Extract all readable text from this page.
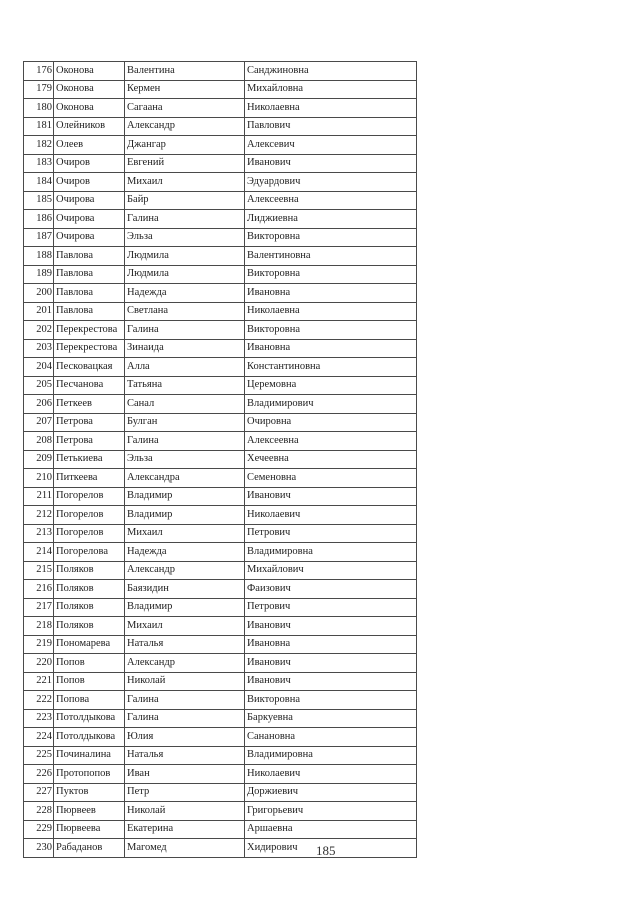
176	Оконова	Валентина	Санджиновна
179	Оконова	Кермен	Михайловна
180	Оконова	Сагаана	Николаевна
181	Олейников	Александр	Павлович
182	Олеев	Джангар	Алексевич
183	Очиров	Евгений	Иванович
184	Очиров	Михаил	Эдуардович
185	Очирова	Байр	Алексеевна
186	Очирова	Галина	Лиджиевна
187	Очирова	Эльза	Викторовна
188	Павлова	Людмила	Валентиновна
189	Павлова	Людмила	Викторовна
200	Павлова	Надежда	Ивановна
201	Павлова	Светлана	Николаевна
202	Перекрестова	Галина	Викторовна
203	Перекрестова	Зинаида	Ивановна
204	Песковацкая	Алла	Константиновна
205	Песчанова	Татьяна	Церемовна
206	Петкеев	Санал	Владимирович
207	Петрова	Булган	Очировна
208	Петрова	Галина	Алексеевна
209	Петькиева	Эльза	Хечеевна
210	Питкеева	Александра	Семеновна
211	Погорелов	Владимир	Иванович
212	Погорелов	Владимир	Николаевич
213	Погорелов	Михаил	Петрович
214	Погорелова	Надежда	Владимировна
215	Поляков	Александр	Михайлович
216	Поляков	Баязидин	Фаизович
217	Поляков	Владимир	Петрович
218	Поляков	Михаил	Иванович
219	Пономарева	Наталья	Ивановна
220	Попов	Александр	Иванович
221	Попов	Николай	Иванович
222	Попова	Галина	Викторовна
223	Потолдыкова	Галина	Баркуевна
224	Потолдыкова	Юлия	Санановна
225	Починалина	Наталья	Владимировна
226	Протопопов	Иван	Николаевич
227	Пуктов	Петр	Доржиевич
228	Пюрвеев	Николай	Григорьевич
229	Пюрвеева	Екатерина	Аршаевна
230	Рабаданов	Магомед	Хидирович 185
